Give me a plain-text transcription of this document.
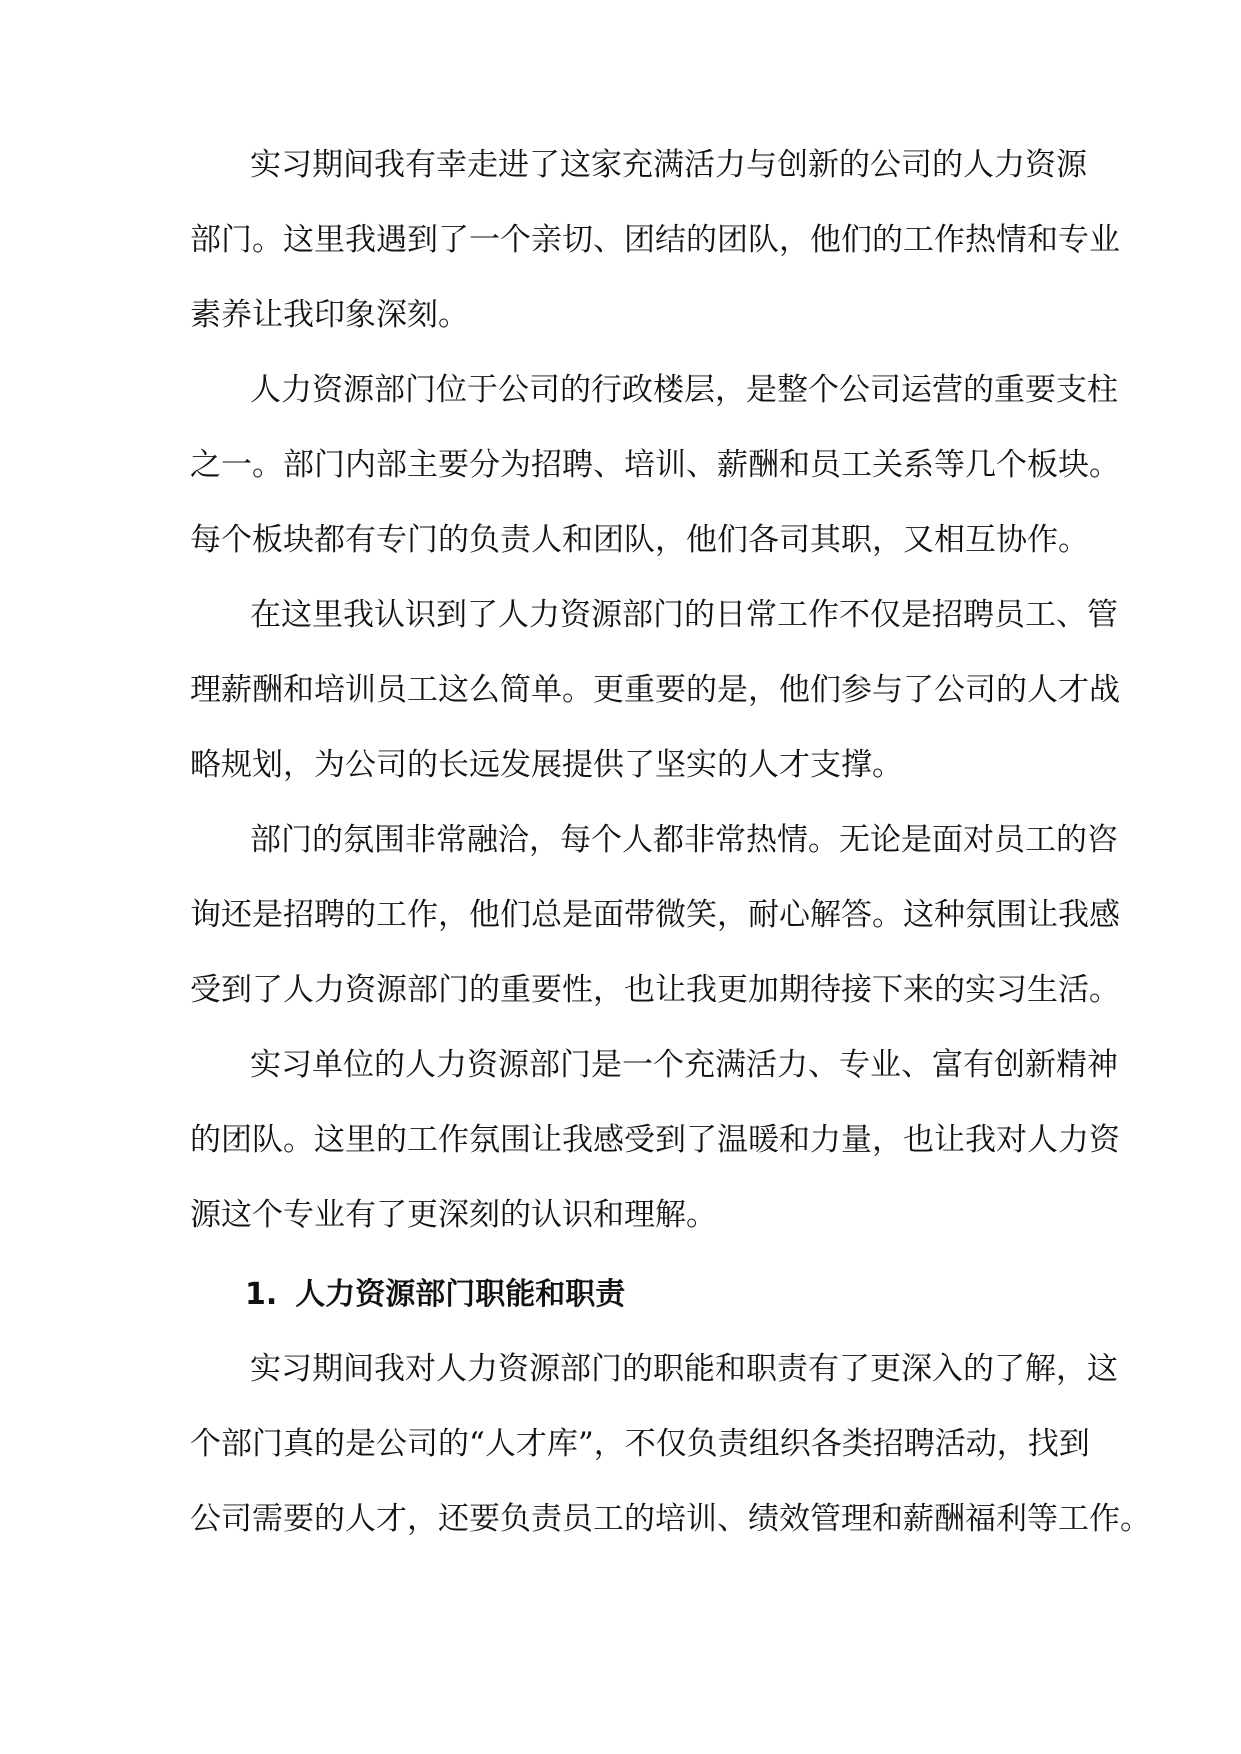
实习期间我有幸走进了这家充满活力与创新的公司的人力资源

部门。这里我遇到了一个亲切、团结的团队，他们的工作热情和专业

素养让我印象深刻。

人力资源部门位于公司的行政楼层，是整个公司运营的重要支柱

之一。部门内部主要分为招聘、培训、薪酬和员工关系等几个板块。

每个板块都有专门的负责人和团队，他们各司其职，又相互协作。

在这里我认识到了人力资源部门的日常工作不仅是招聘员工、管

理薪酬和培训员工这么简单。更重要的是，他们参与了公司的人才战

略规划，为公司的长远发展提供了坚实的人才支撑。

部门的氛围非常融洽，每个人都非常热情。无论是面对员工的咨

询还是招聘的工作，他们总是面带微笑，耐心解答。这种氛围让我感

受到了人力资源部门的重要性，也让我更加期待接下来的实习生活。

实习单位的人力资源部门是一个充满活力、专业、富有创新精神

的团队。这里的工作氛围让我感受到了温暖和力量，也让我对人力资

源这个专业有了更深刻的认识和理解。

1. 人力资源部门职能和职责

实习期间我对人力资源部门的职能和职责有了更深入的了解，这

个部门真的是公司的“人才库”，不仅负责组织各类招聘活动，找到

公司需要的人才，还要负责员工的培训、绩效管理和薪酬福利等工作。
